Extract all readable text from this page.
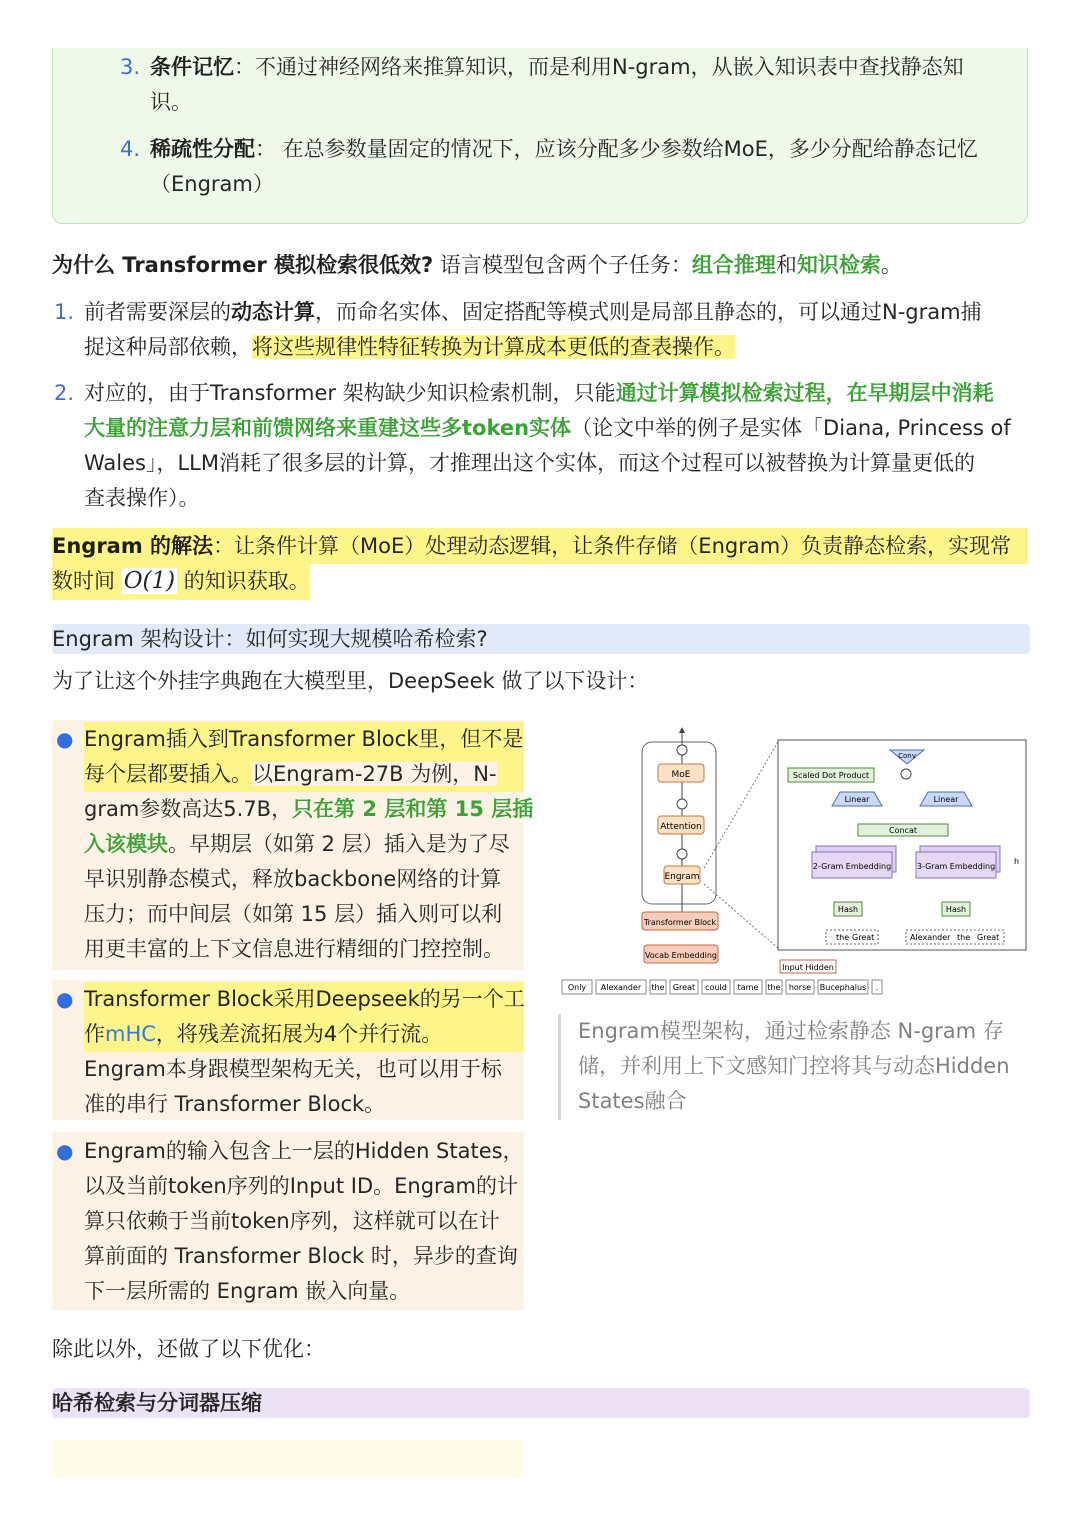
3. 条件记忆：不通过神经网络来推算知识，而是利用N-gram，从嵌入知识表中查找静态知
识。
4. 稀疏性分配： 在总参数量固定的情况下，应该分配多少参数给MoE，多少分配给静态记忆
（Engram）
为什么 Transformer 模拟检索很低效? 语言模型包含两个子任务：组合推理和知识检索。
1. 前者需要深层的动态计算，而命名实体、固定搭配等模式则是局部且静态的，可以通过N-gram捕
捉这种局部依赖，将这些规律性特征转换为计算成本更低的查表操作。
2. 对应的，由于Transformer 架构缺少知识检索机制，只能通过计算模拟检索过程，在早期层中消耗
大量的注意力层和前馈网络来重建这些多token实体（论文中举的例子是实体「Diana, Princess of
Wales」，LLM消耗了很多层的计算，才推理出这个实体，而这个过程可以被替换为计算量更低的
查表操作）。
Engram 的解法：让条件计算（MoE）处理动态逻辑，让条件存储（Engram）负责静态检索，实现常
数时间 O(1) 的知识获取。
Engram 架构设计：如何实现大规模哈希检索?
为了让这个外挂字典跑在大模型里，DeepSeek 做了以下设计：
● Engram插入到Transformer Block里，但不是
每个层都要插入。以Engram-27B 为例，N-
gram参数高达5.7B，只在第 2 层和第 15 层插
入该模块。早期层（如第 2 层）插入是为了尽
早识别静态模式，释放backbone网络的计算
压力；而中间层（如第 15 层）插入则可以利
用更丰富的上下文信息进行精细的门控控制。
● Transformer Block采用Deepseek的另一个工
作mHC，将残差流拓展为4个并行流。
Engram本身跟模型架构无关，也可以用于标
准的串行 Transformer Block。
● Engram的输入包含上一层的Hidden States，
以及当前token序列的Input ID。Engram的计
算只依赖于当前token序列，这样就可以在计
算前面的 Transformer Block 时，异步的查询
下一层所需的 Engram 嵌入向量。
MoE
Attention
Engram
Transformer Block
Vocab Embedding
Conv
Scaled Dot Product
Linear	Linear
Concat
2-Gram Embedding	3-Gram Embedding
h
Hash	Hash
the Great	Alexander the Great
Input Hidden
Only Alexander the Great could tame the horse Bucephalus .
Engram模型架构，通过检索静态 N-gram 存
储，并利用上下文感知门控将其与动态Hidden
States融合
除此以外，还做了以下优化：
哈希检索与分词器压缩
